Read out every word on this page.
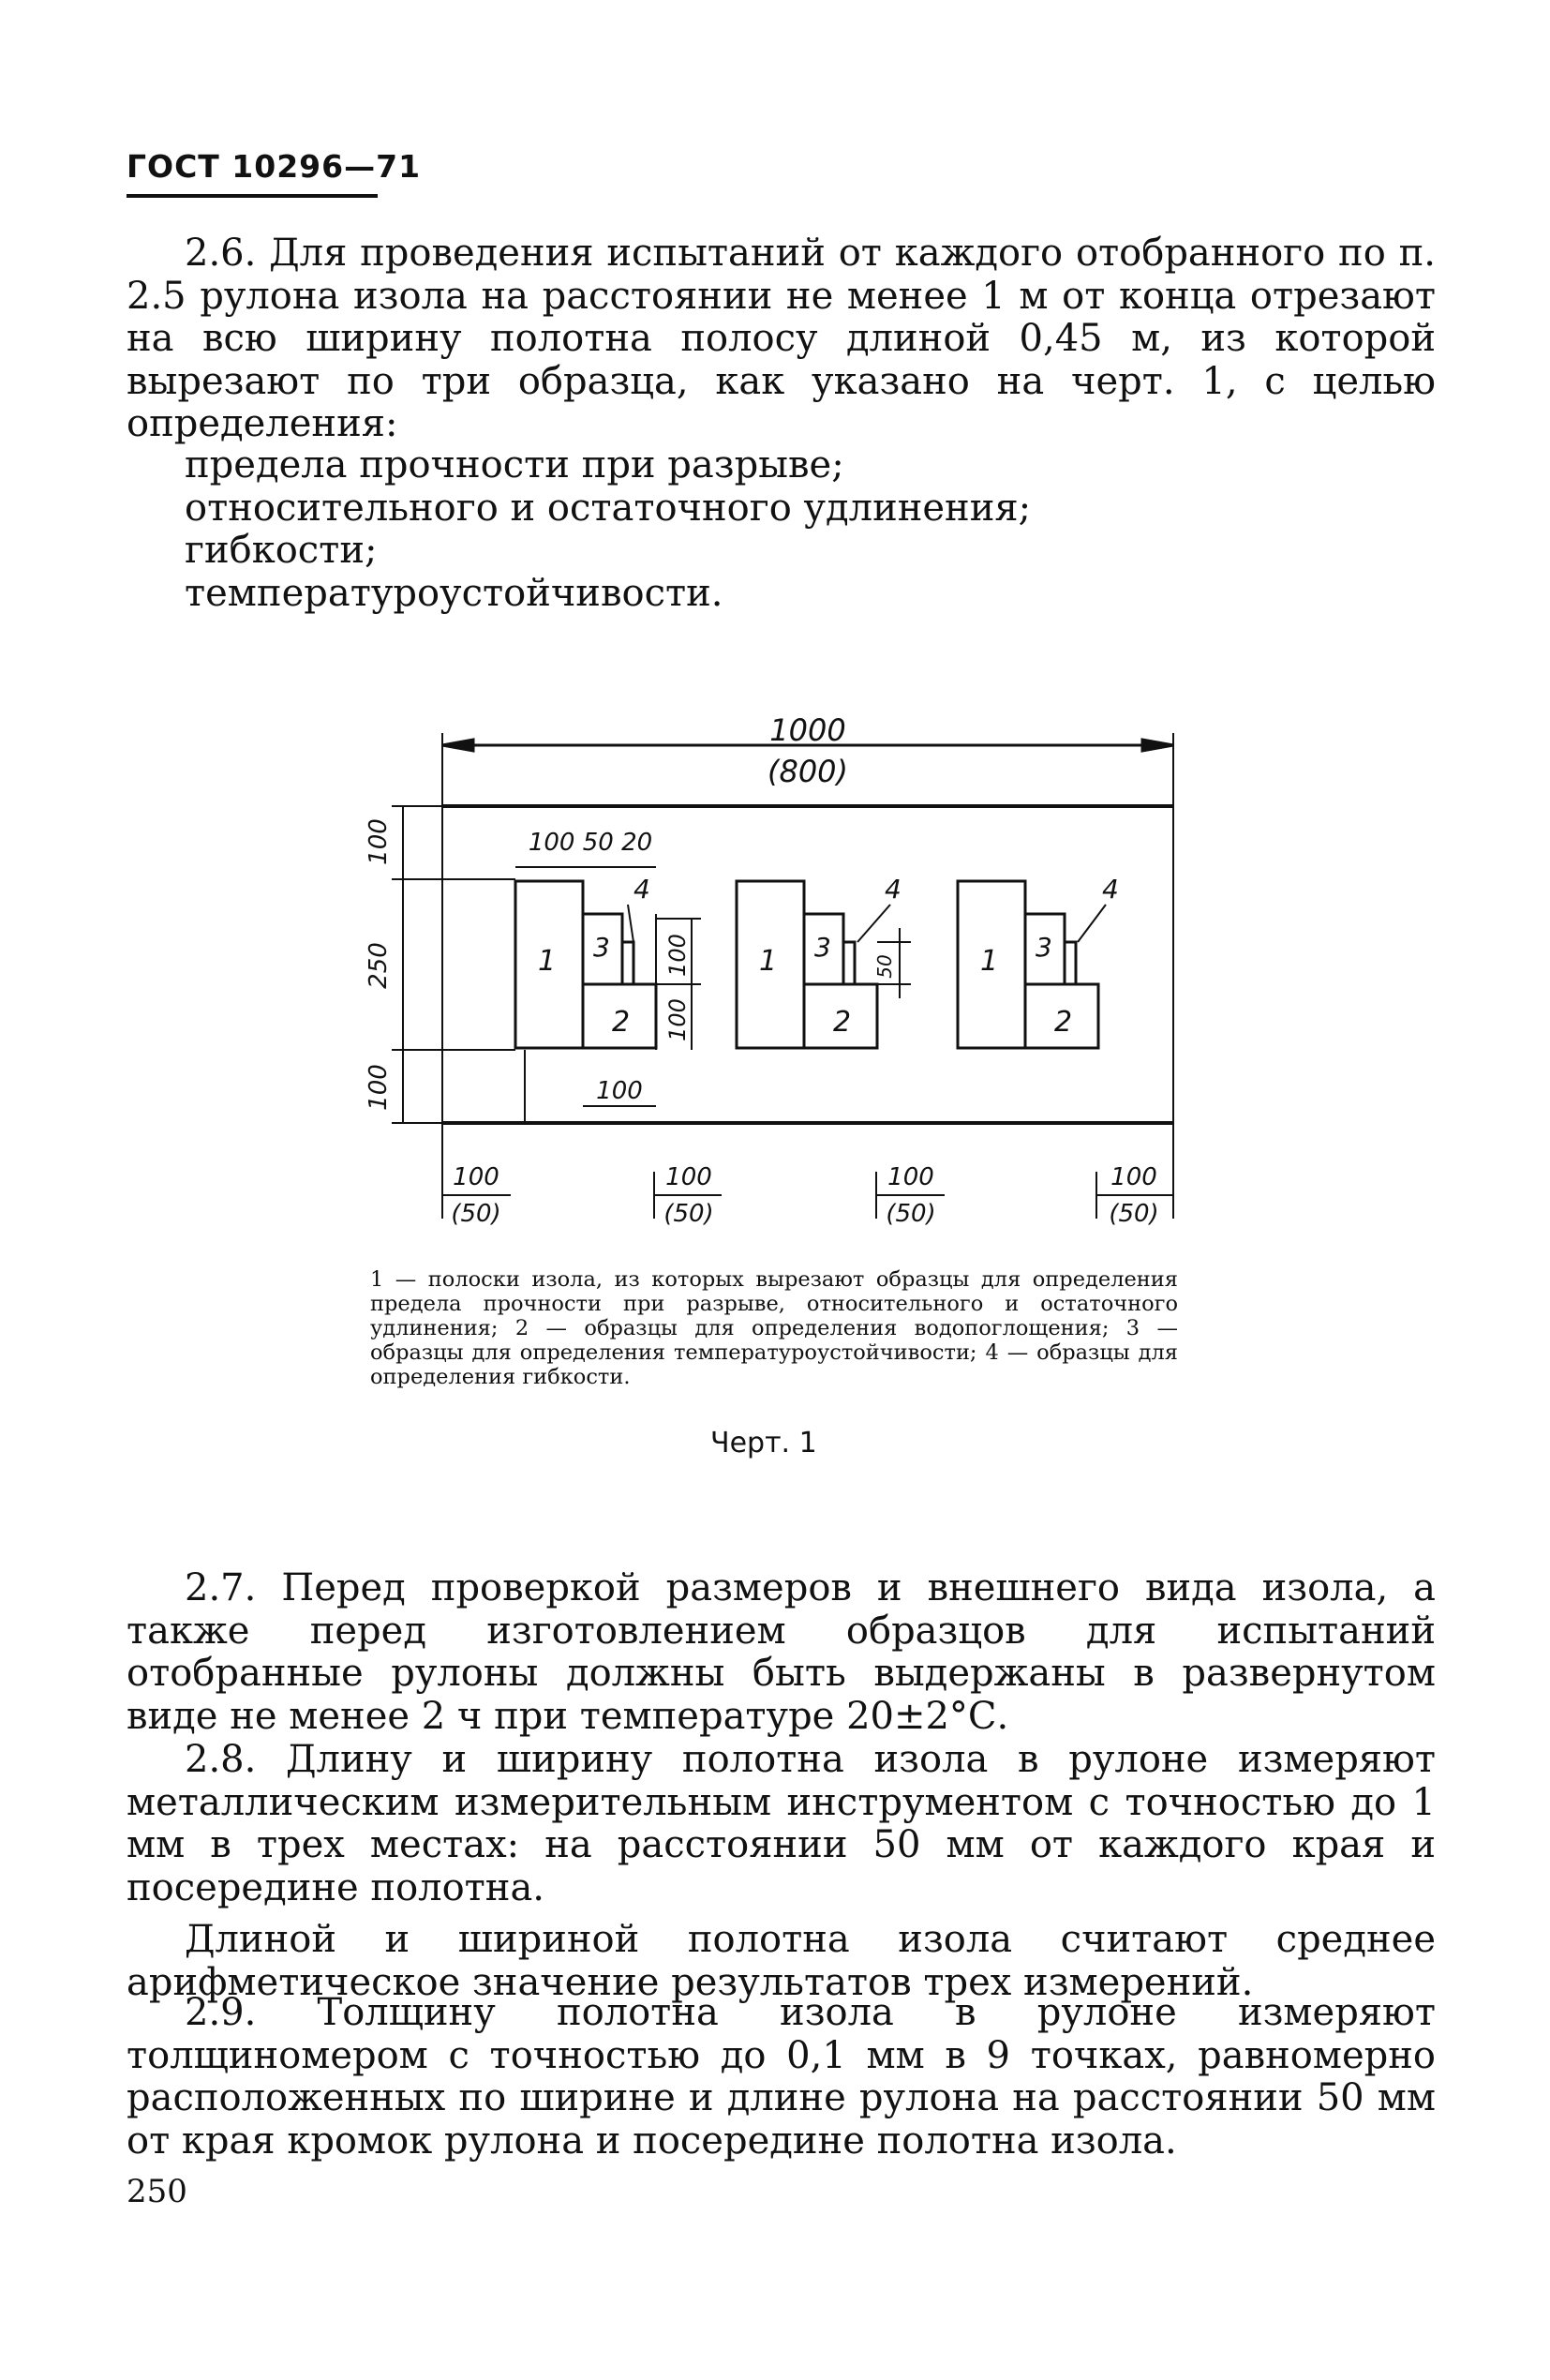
ГОСТ 10296—71

2.6. Для проведения испытаний от каждого отобранного по п. 2.5 рулона изола на расстоянии не менее 1 м от конца отрезают на всю ширину полотна полосу длиной 0,45 м, из которой вырезают по три образца, как указано на черт. 1, с целью определения:

предела прочности при разрыве;
относительного и остаточного удлинения;
гибкости;
температуроустойчивости.
1000
(800)
100
250
100
100 50 20
100
100
100
50
1
2
3
4
1
2
3
4
1
2
3
4
100
(50)
100
(50)
100
(50)
100
(50)
1 — полоски изола, из которых вырезают образцы для определения предела прочности при разрыве, относительного и остаточного удлинения; 2 — образцы для определения водопоглощения; 3 — образцы для определения температуроустойчивости; 4 — образцы для определения гибкости.
Черт. 1

2.7. Перед проверкой размеров и внешнего вида изола, а также перед изготовлением образцов для испытаний отобранные рулоны должны быть выдержаны в развернутом виде не менее 2 ч при температуре 20±2°С.

2.8. Длину и ширину полотна изола в рулоне измеряют металлическим измерительным инструментом с точностью до 1 мм в трех местах: на расстоянии 50 мм от каждого края и посередине полотна.

Длиной и шириной полотна изола считают среднее арифметическое значение результатов трех измерений.

2.9. Толщину полотна изола в рулоне измеряют толщиномером с точностью до 0,1 мм в 9 точках, равномерно расположенных по ширине и длине рулона на расстоянии 50 мм от края кромок рулона и посередине полотна изола.

250
